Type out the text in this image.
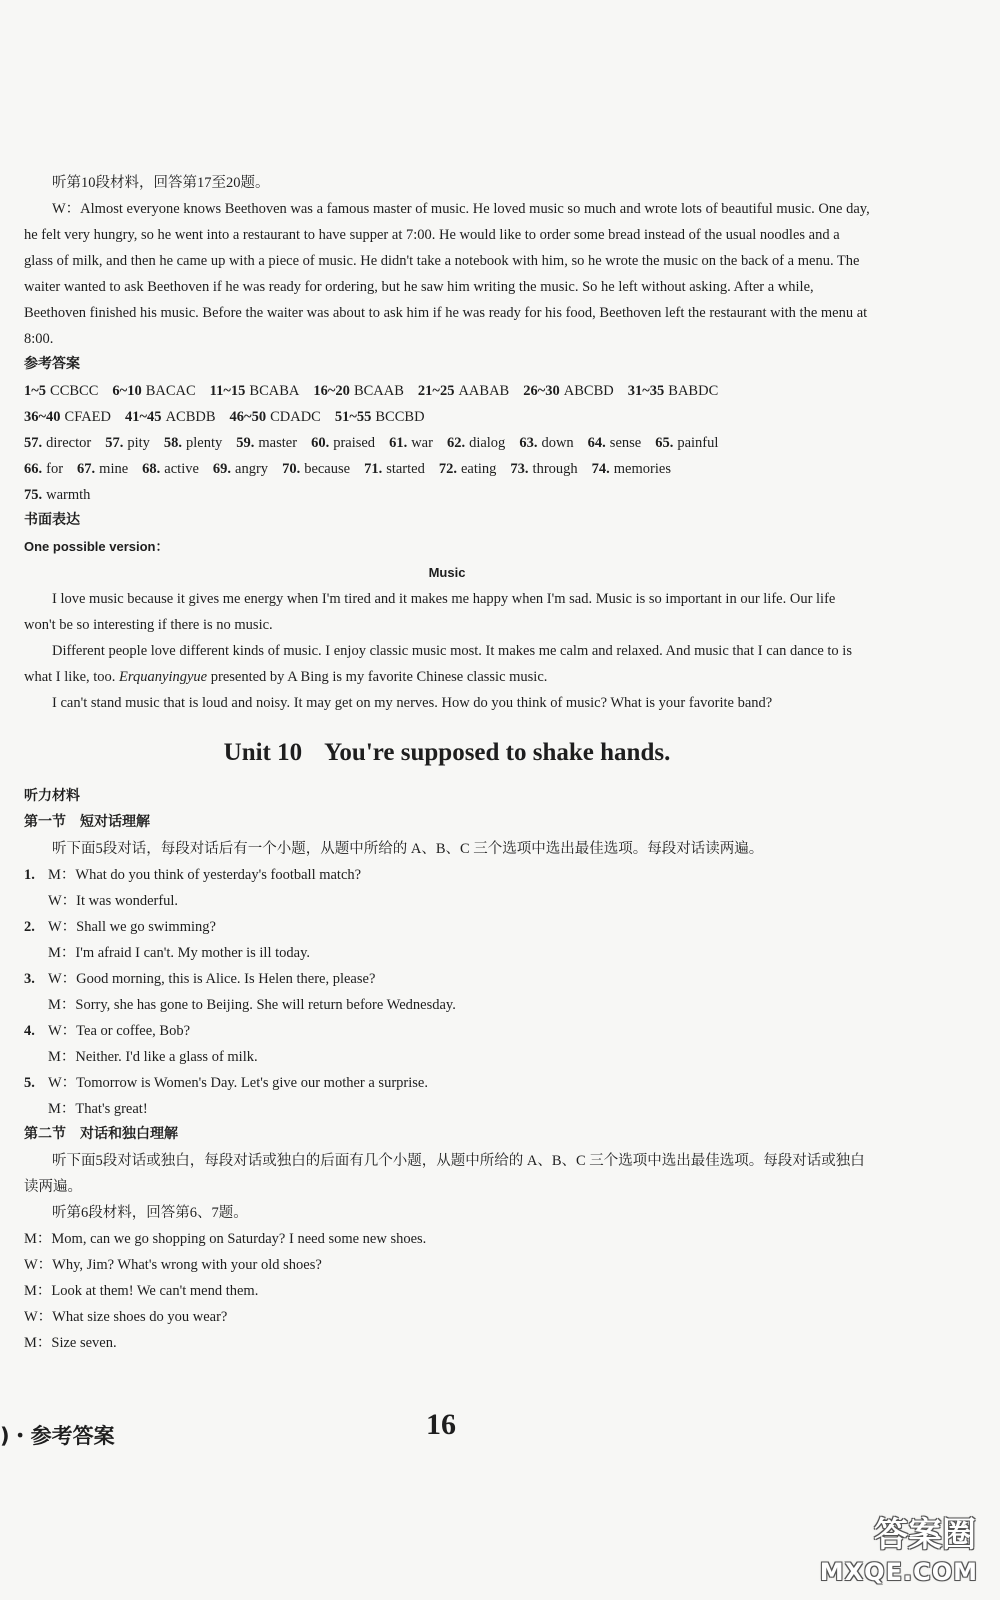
听第10段材料，回答第17至20题。

W：Almost everyone knows Beethoven was a famous master of music. He loved music so much and wrote lots of beautiful music. One day, he felt very hungry, so he went into a restaurant to have supper at 7:00. He would like to order some bread instead of the usual noodles and a glass of milk, and then he came up with a piece of music. He didn't take a notebook with him, so he wrote the music on the back of a menu. The waiter wanted to ask Beethoven if he was ready for ordering, but he saw him writing the music. So he left without asking. After a while, Beethoven finished his music. Before the waiter was about to ask him if he was ready for his food, Beethoven left the restaurant with the menu at 8:00.

参考答案

1~5 CCBCC 6~10 BACAC 11~15 BCABA 16~20 BCAAB 21~25 AABAB 26~30 ABCBD 31~35 BABDC
36~40 CFAED 41~45 ACBDB 46~50 CDADC 51~55 BCCBD
57. director 57. pity 58. plenty 59. master 60. praised 61. war 62. dialog 63. down 64. sense 65. painful
66. for 67. mine 68. active 69. angry 70. because 71. started 72. eating 73. through 74. memories
75. warmth

书面表达

One possible version：

Music

I love music because it gives me energy when I'm tired and it makes me happy when I'm sad. Music is so important in our life. Our life won't be so interesting if there is no music.

Different people love different kinds of music. I enjoy classic music most. It makes me calm and relaxed. And music that I can dance to is what I like, too. Erquanyingyue presented by A Bing is my favorite Chinese classic music.

I can't stand music that is loud and noisy. It may get on my nerves. How do you think of music? What is your favorite band?

Unit 10 You're supposed to shake hands.

听力材料

第一节　短对话理解

听下面5段对话，每段对话后有一个小题，从题中所给的 A、B、C 三个选项中选出最佳选项。每段对话读两遍。

1. M：What do you think of yesterday's football match?

W：It was wonderful.

2. W：Shall we go swimming?

M：I'm afraid I can't. My mother is ill today.

3. W：Good morning, this is Alice. Is Helen there, please?

M：Sorry, she has gone to Beijing. She will return before Wednesday.

4. W：Tea or coffee, Bob?

M：Neither. I'd like a glass of milk.

5. W：Tomorrow is Women's Day. Let's give our mother a surprise.

M：That's great!

第二节　对话和独白理解

听下面5段对话或独白，每段对话或独白的后面有几个小题，从题中所给的 A、B、C 三个选项中选出最佳选项。每段对话或独白读两遍。

听第6段材料，回答第6、7题。

M：Mom, can we go shopping on Saturday? I need some new shoes.

W：Why, Jim? What's wrong with your old shoes?

M：Look at them! We can't mend them.

W：What size shoes do you wear?

M：Size seven.

)・参考答案	16
答案圈
MXQE.COM
